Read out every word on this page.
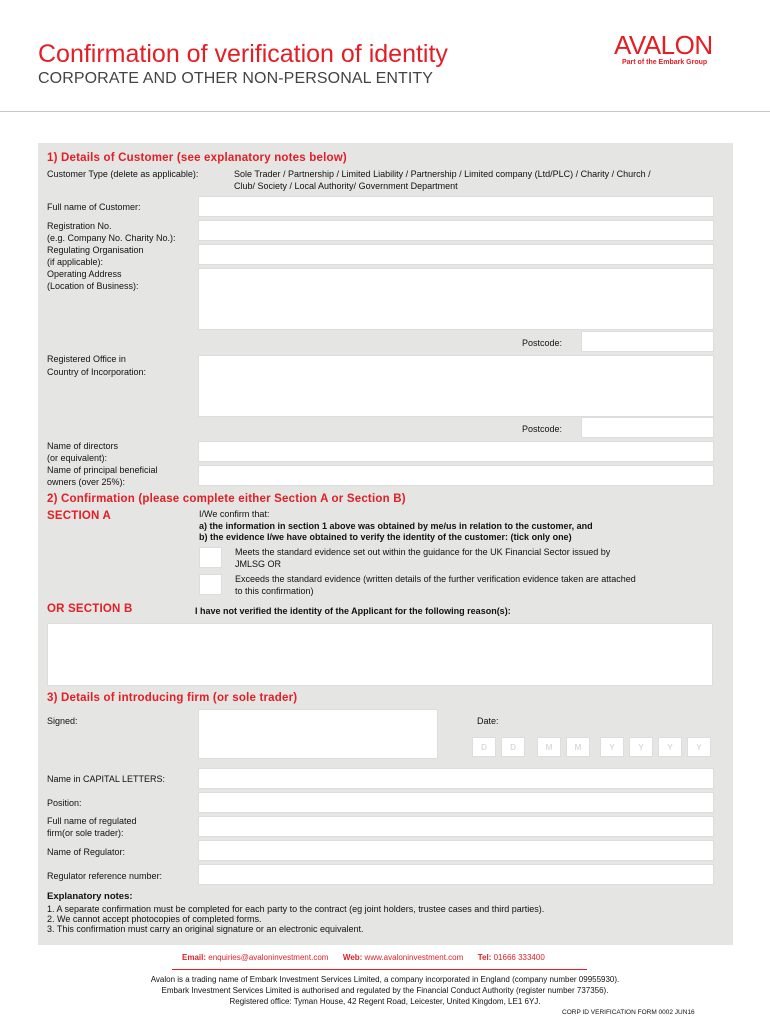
Confirmation of verification of identity
CORPORATE AND OTHER NON-PERSONAL ENTITY
AVALON
Part of the Embark Group
1) Details of Customer (see explanatory notes below)
Customer Type (delete as applicable):	Sole Trader / Partnership / Limited Liability / Partnership / Limited company (Ltd/PLC) / Charity / Church /
Club/ Society / Local Authority/ Government Department
Full name of Customer:
Registration No.
(e.g. Company No. Charity No.):
Regulating Organisation
(if applicable):
Operating Address
(Location of Business):
Postcode:
Registered Office in
Country of Incorporation:
Postcode:
Name of directors
(or equivalent):
Name of principal beneficial
owners (over 25%):
2) Confirmation (please complete either Section A or Section B)
SECTION A	I/We confirm that:
a) the information in section 1 above was obtained by me/us in relation to the customer, and
b) the evidence I/we have obtained to verify the identity of the customer: (tick only one)
Meets the standard evidence set out within the guidance for the UK Financial Sector issued by
JMLSG OR
Exceeds the standard evidence (written details of the further verification evidence taken are attached
to this confirmation)
OR SECTION B	I have not verified the identity of the Applicant for the following reason(s):
3) Details of introducing firm (or sole trader)
Signed:	Date:
D	D	M	M	Y	Y	Y	Y
Name in CAPITAL LETTERS:
Position:
Full name of regulated
firm(or sole trader):
Name of Regulator:
Regulator reference number:
Explanatory notes:
1. A separate confirmation must be completed for each party to the contract (eg joint holders, trustee cases and third parties).
2. We cannot accept photocopies of completed forms.
3. This confirmation must carry an original signature or an electronic equivalent.
Email: enquiries@avaloninvestment.com Web: www.avaloninvestment.com Tel: 01666 333400
Avalon is a trading name of Embark Investment Services Limited, a company incorporated in England (company number 09955930).
Embark Investment Services Limited is authorised and regulated by the Financial Conduct Authority (register number 737356).
Registered office: Tyman House, 42 Regent Road, Leicester, United Kingdom, LE1 6YJ.
CORP ID VERIFICATION FORM 0002 JUN16
